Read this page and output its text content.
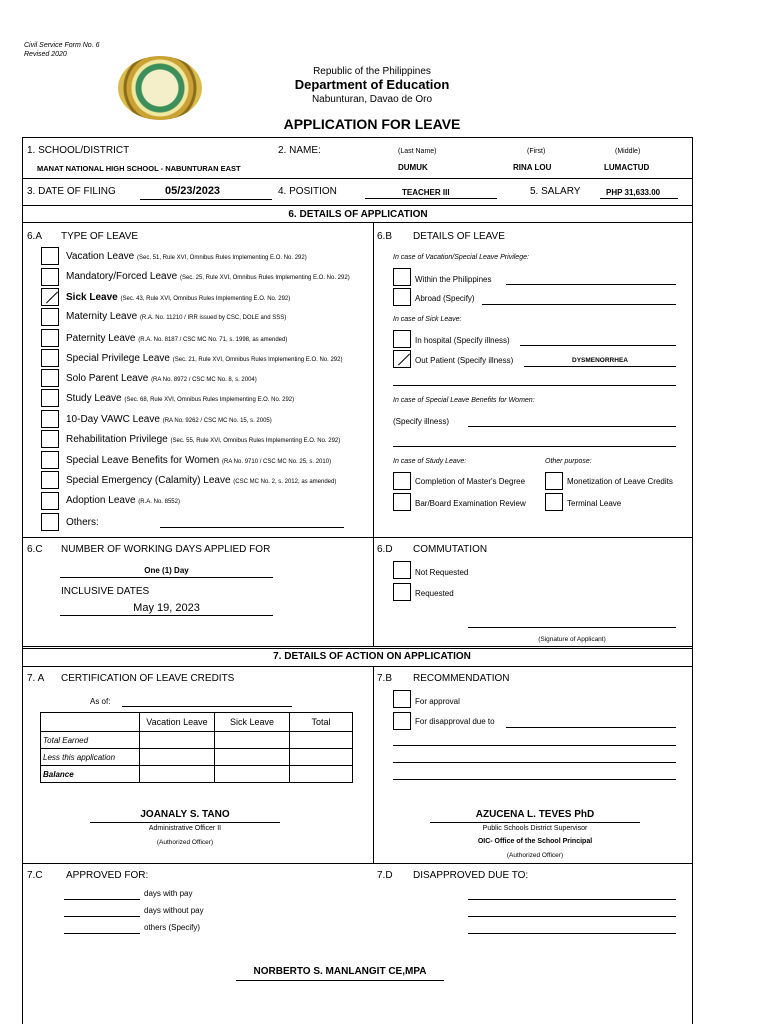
Civil Service Form No. 6
Revised 2020
Republic of the Philippines
Department of Education
Nabunturan, Davao de Oro
APPLICATION FOR LEAVE
1. SCHOOL/DISTRICT
MANAT NATIONAL HIGH SCHOOL - NABUNTURAN EAST
2. NAME:	(Last Name)	(First)	(Middle)
DUMUK	RINA LOU	LUMACTUD
3. DATE OF FILING	05/23/2023	4. POSITION	TEACHER III	5. SALARY	PHP 31,633.00
6. DETAILS OF APPLICATION
6.A TYPE OF LEAVE
Vacation Leave (Sec. 51, Rule XVI, Omnibus Rules Implementing E.O. No. 292)
Mandatory/Forced Leave (Sec. 25, Rule XVI, Omnibus Rules Implementing E.O. No. 292)
Sick Leave (Sec. 43, Rule XVI, Omnibus Rules Implementing E.O. No. 292)
Maternity Leave (R.A. No. 11210 / IRR issued by CSC, DOLE and SSS)
Paternity Leave (R.A. No. 8187 / CSC MC No. 71, s. 1998, as amended)
Special Privilege Leave (Sec. 21, Rule XVI, Omnibus Rules Implementing E.O. No. 292)
Solo Parent Leave (RA No. 8972 / CSC MC No. 8, s. 2004)
Study Leave (Sec. 68, Rule XVI, Omnibus Rules Implementing E.O. No. 292)
10-Day VAWC Leave (RA No. 9262 / CSC MC No. 15, s. 2005)
Rehabilitation Privilege (Sec. 55, Rule XVI, Omnibus Rules Implementing E.O. No. 292)
Special Leave Benefits for Women (RA No. 9710 / CSC MC No. 25, s. 2010)
Special Emergency (Calamity) Leave (CSC MC No. 2, s. 2012, as amended)
Adoption Leave (R.A. No. 8552)
Others:
6.B DETAILS OF LEAVE
In case of Vacation/Special Leave Privilege:
Within the Philippines
Abroad (Specify)
In case of Sick Leave:
In hospital (Specify illness)
Out Patient (Specify illness)	DYSMENORRHEA
In case of Special Leave Benefits for Women:
(Specify illness)
In case of Study Leave:	Other purpose:
Completion of Master's Degree	Monetization of Leave Credits
Bar/Board Examination Review	Terminal Leave
6.C NUMBER OF WORKING DAYS APPLIED FOR
One (1) Day
INCLUSIVE DATES
May 19, 2023
6.D COMMUTATION
Not Requested
Requested
(Signature of Applicant)
7. DETAILS OF ACTION ON APPLICATION
7. A CERTIFICATION OF LEAVE CREDITS
As of:
	Vacation Leave	Sick Leave	Total
Total Earned			
Less this application			
Balance			
JOANALY S. TANO
Administrative Officer II
(Authorized Officer)
7.B RECOMMENDATION
For approval
For disapproval due to
AZUCENA L. TEVES PhD
Public Schools District Supervisor
OIC- Office of the School Principal
(Authorized Officer)
7.C APPROVED FOR:
days with pay
days without pay
others (Specify)
7.D DISAPPROVED DUE TO:
NORBERTO S. MANLANGIT CE,MPA
